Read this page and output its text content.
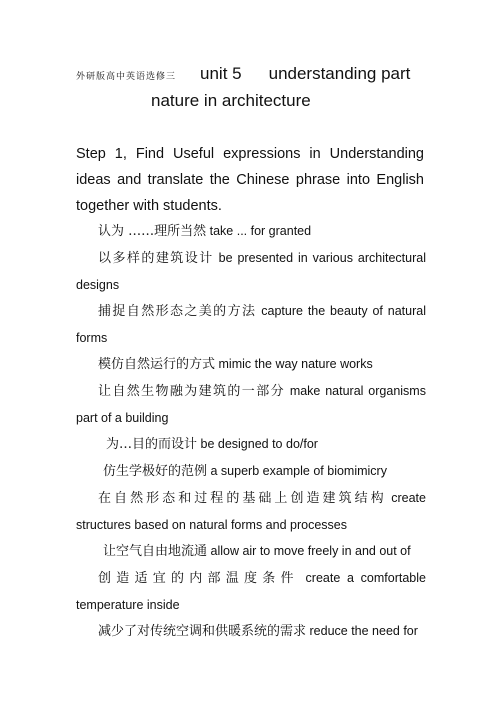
外研版高中英语选修三 unit 5 understanding part
nature in architecture
Step 1, Find Useful expressions in Understanding ideas and translate the Chinese phrase into English together with students.
认为 ……理所当然 take ... for granted
以多样的建筑设计 be presented in various architectural designs
捕捉自然形态之美的方法 capture the beauty of natural forms
模仿自然运行的方式 mimic the way nature works
让自然生物融为建筑的一部分 make natural organisms part of a building
为…目的而设计 be designed to do/for
仿生学极好的范例 a superb example of biomimicry
在自然形态和过程的基础上创造建筑结构 create structures based on natural forms and processes
让空气自由地流通 allow air to move freely in and out of
创造适宜的内部温度条件 create a comfortable temperature inside
减少了对传统空调和供暖系统的需求 reduce the need for
